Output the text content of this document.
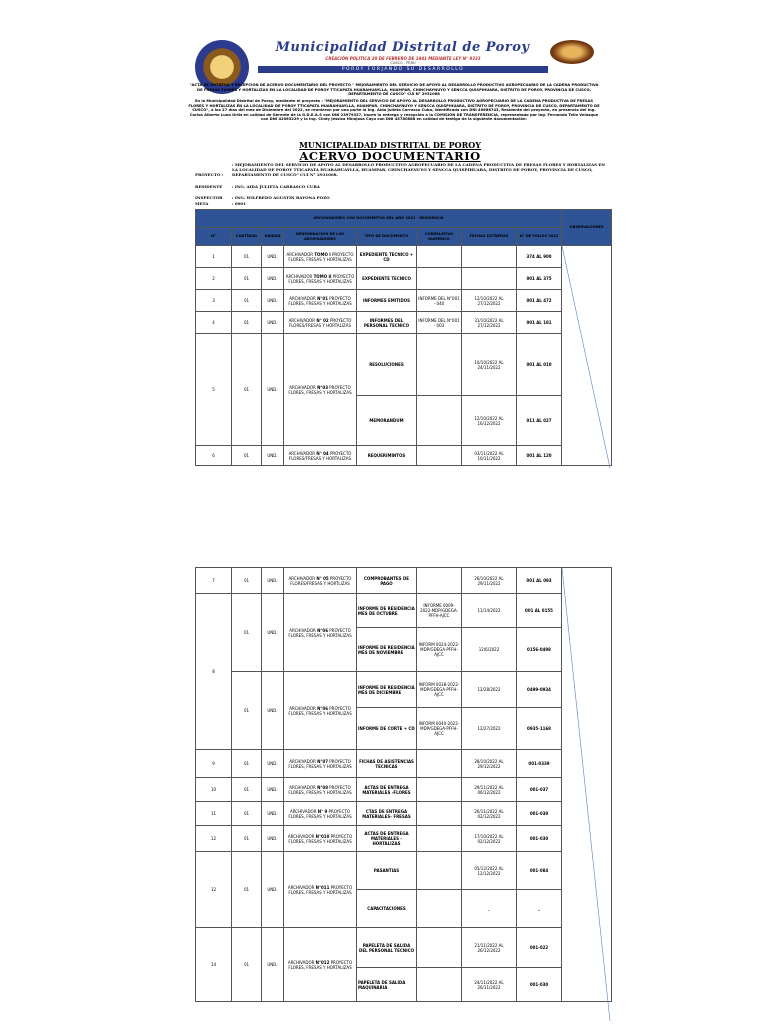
Municipalidad Distrital de Poroy
CREACIÓN POLITICA 20 DE FEBRERO DE 1941 MEDIANTE LEY N° 9333
CUSCO - PERÚ
POROY FORJANDO SU DESARROLLO
"ACTA DE ENTREGA Y RECEPCION DE ACERVO DOCUMENTARIO DEL PROYECTO " MEJORAMIENTO DEL SERVICIO DE APOYO AL DESARROLLO PRODUCTIVO AGROPECUARIO DE LA CADENA PRODUCTIVA DE FRESAS FLORES Y HORTALIZAS EN LA LOCALIDAD DE POROY TTICAPATA HUARAHUAYLLA, HUAMPAR, CHINCHAYNUYO Y SENCCA QUISPIHUARA, DISTRITO DE POROY, PROVINCIA DE CUSCO, DEPARTAMENTO DE CUSCO" CUI N° 2931068
En la Municipalidad Distrital de Poroy, mediante el proyecto : "MEJORAMIENTO DEL SERVICIO DE APOYO AL DESARROLLO PRODUCTIVO AGROPECUARIO DE LA CADENA PRODUCTIVA DE FRESAS FLORES Y HORTALIZAS EN LA LOCALIDAD DE POROY TTICAPATA HUARAHUAYLLA, HUAMPAR, CHINCHAYNUYO Y SENCCA QUISPIHUARA, DISTRITO DE POROY, PROVINCIA DE CUSCO, DEPARTAMENTO DE CUSCO", a los 27 días del mes de Diciembre del 2022, se reunieron por una parte la Ing. Aida Julieta Carrasco Cuba, identificada con DNI 40686743, Residente del proyecto, en presencia del Ing. Carlos Alberto Luna Ortiz en calidad de Gerente de la G.D.E.A.S con DNI 23979327, hacen la entrega y recepción a la COMISION DE TRANSFERENCIA, representado por Ing. Fernando Tello Velasque con DNI 42063229 y la Ing. Cindy Jessica Hinojosa Cayo con DNI 45780888 en calidad de testigo de la siguiente documentación:
MUNICIPALIDAD DISTRITAL DE POROY
ACERVO DOCUMENTARIO
PROYECTO :
: MEJORAMIENTO DEL SERVICIO DE APOYO AL DESARROLLO PRODUCTIVO AGROPECUARIO DE LA CADENA PRODUCTIVA DE FRESAS FLORES Y HORTALIZAS EN LA LOCALIDAD DE POROY TTICAPATA HUARAHUAYLLA, HUAMPAR, CHINCHAYNUYO Y SENCCA QUISPIHUARA, DISTRITO DE POROY, PROVINCIA DE CUSCO, DEPARTAMENTO DE CUSCO" CUI N° 2931068.
RESIDENTE : ING. AIDA JULIETA CARRASCO CUBA
INSPECTOR : ING. WILFREDO AGUSTIN RAYONA POZO
META	: 0001
ARCHIVADORES CON DOCUMENTOS DEL AÑO 2022 - RESIDENCIA								OBSERVACIONES
N°	CANTIDAD	UNIDAD	DENOMINACION DE LOS ARCHIVADORES	TIPO DE DOCUMENTO	CORRELATIVO NUMERICO	FECHAS EXTREMAS	N° DE FOLIOS 2022	
1	01	UND.	ARCHIVADOR TOMO I PROYECTO FLORES, FRESAS Y HORTALIZAS	EXPEDIENTE TECNICO + CD			374 AL 900	
2	01	UND.	ARCHIVADOR TOMO II PROYECTO FLORES, FRESAS Y HORTALIZAS	EXPEDIENTE TECNICO			001 AL 375	
3	01	UND.	ARCHIVADOR N°01 PROYECTO FLORES, FRESAS Y HORTALIZAS	INFORMES EMITIDOS	INFORME DEL N°001 - 040	12/10/2022 AL 27/12/2022	001 AL 472	
4	01	UND.	ARCHIVADOR N° 02 PROYECTO FLORES/FRESAS Y HORTALIZAS	INFORMES DEL PERSONAL TECNICO	INFORME DEL N°001 - 003	31/10/2022 AL 27/12/2022	001 AL 181	
5	01	UND.	ARCHIVADOR N°03 PROYECTO FLORES, FRESAS Y HORTALIZAS	RESOLUCIONES		10/10/2022 AL 24/11/2022	001 AL 010	
				MEMORANDUM		12/10/2022 AL 16/12/2022	011 AL 027	
6	01	UND.	ARCHIVADOR N° 04 PROYECTO FLORES/FRESAS Y HORTALIZAS	REQUERIMINTOS		03/11/2022 AL 10/11/2022	001 AL 120	
7	01	UND.	ARCHIVADOR N° 05 PROYECTO FLORES/FRESAS Y HORTLIZAS	COMPROBANTES DE PAGO		26/10/2022 AL 29/11/2022	001 AL 093	
8	01	UND.	ARCHIVADOR N°06 PROYECTO FLORES, FRESAS Y HORTALIZAS	INFORME DE RESIDENCIA MES DE OCTUBRE	INFORME 0009-2022-MDP/GDEGA-PFFH-AJCC	11/14/2022	001 AL 0155	
				INFORME DE RESIDENCIA MES DE NOVIEMBRE	INFORM 0024-2022-MDP/GDEGA-PFFH-AJCC	12/6/2022	0156-0498	
	01	UND.	ARCHIVADOR N°06 PROYECTO FLORES, FRESAS Y HORTALIZAS	INFORME DE RESIDENCIA MES DE DICIEMBRE	INFORM 0038-2022-MDP/GDEGA-PFFH-AJCC	12/28/2022	0499-0934	
				INFORME DE CORTE + CD	INFORM 0040-2022-MDP/GDEGA-PFFH-AJCC	12/27/2022	0935-1168	
9	01	UND.	ARCHIVADOR N°07 PROYECTO FLORES, FRESAS Y HORTALIZAS	FICHAS DE ASISTENCIAS TECNICAS		28/10/2022 AL 29/12/2022	001-0339	
10	01	UND.	ARCHIVADOR N°08 PROYECTO FLORES, FRESAS Y HORTALIZAS	ACTAS DE ENTREGA MATERIALES -FLORES		29/11/2022 AL 06/12/2022	001-037	
11	01	UND.	ARCHIVADOR N° 9 PROYECTO FLORES, FRESAS Y HORTALIZAS	CTAS DE ENTREGA MATERIALES- FRESAS		26/11/2022 AL 02/12/2022	001-039	
12	01	UND.	ARCHIVADOR N°010 PROYECTO FLORES, FRESAS Y HORTALIZAS	ACTAS DE ENTREGA MATERIALES - HORTALIZAS		17/10/2022 AL 02/12/2022	001-030	
12	01	UND.	ARCHIVADOR N°011 PROYECTO FLORES, FRESAS Y HORTALIZAS	PASANTIAS		05/12/2022 AL 12/12/2022	001-084	
				CAPACITACIONES		_	_	
14	01	UND.	ARCHIVADOR N°012 PROYECTO FLORES, FRESAS Y HORTALIZAS	PAPELETA DE SALIDA DEL PERSONAL TECNICO		21/11/2022 AL 26/12/2022	001-022	
				PAPELETA DE SALIDA MAQUINARIA		24/11/2022 AL 26/11/2022	001-030	
